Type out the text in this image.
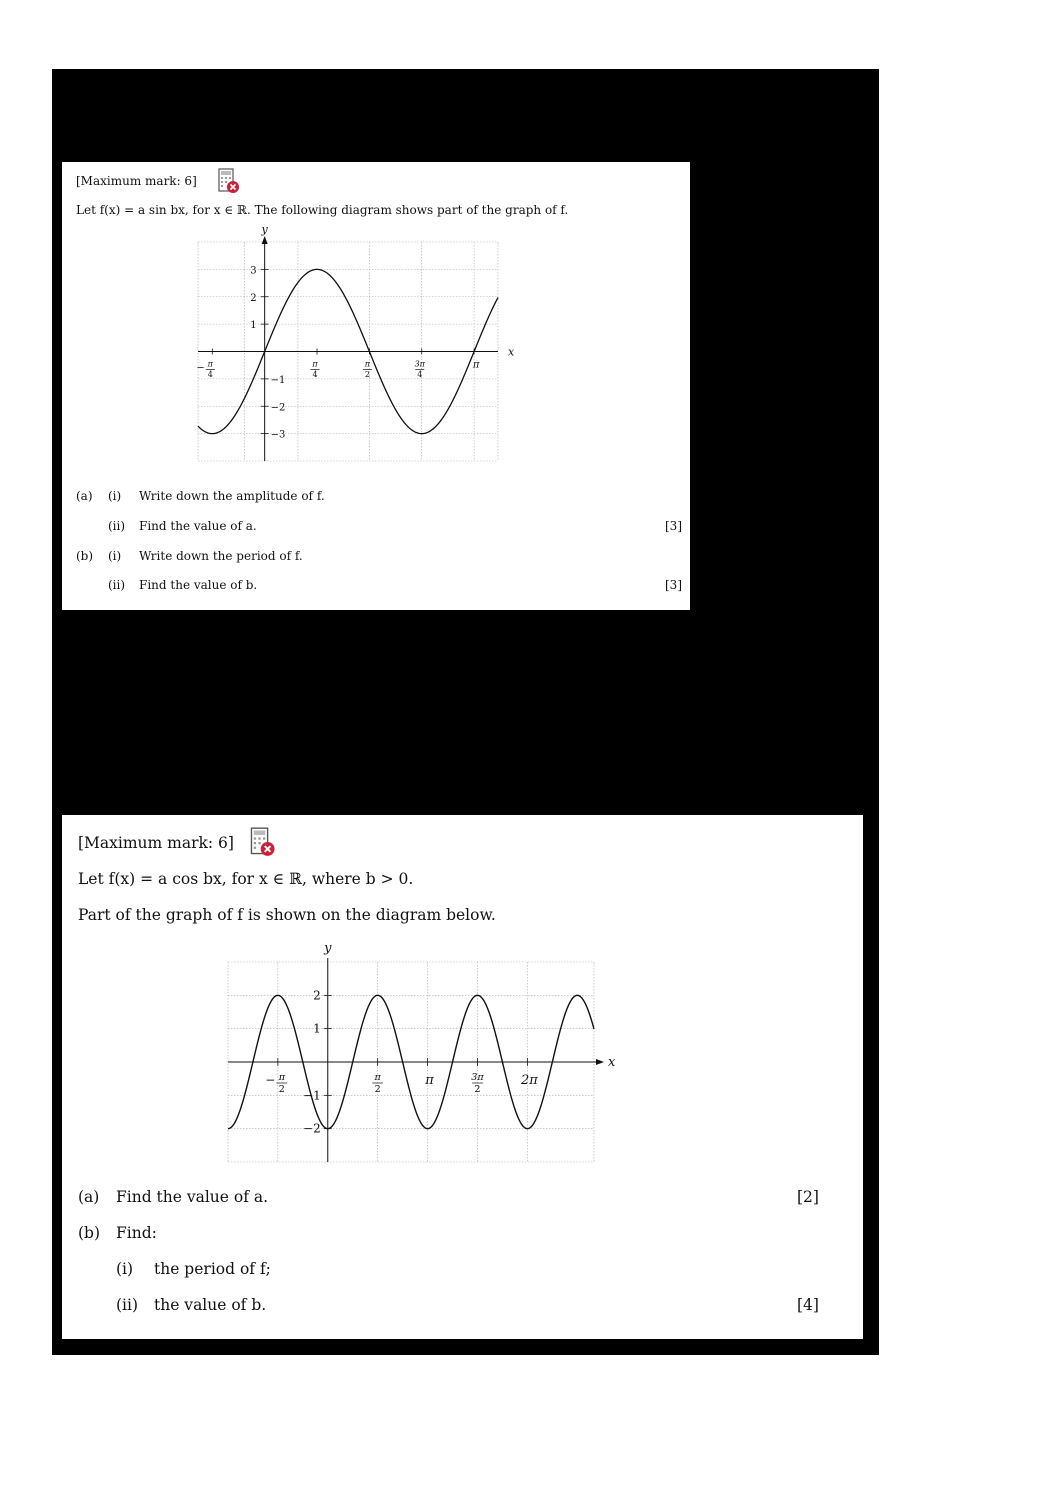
[Maximum mark: 6]
Let f(x) = a sin bx, for x ∈ ℝ. The following diagram shows part of the graph of f.
y
x
3
2
1
−1
−2
−3
− π
4
π
4
π
2
3π
4
π
(a) (i) Write down the amplitude of f.
(ii) Find the value of a.	[3]
(b) (i) Write down the period of f.
(ii) Find the value of b.	[3]
[Maximum mark: 6]
Let f(x) = a cos bx, for x ∈ ℝ, where b > 0.
Part of the graph of f is shown on the diagram below.
y
x
2
1
−1
−2
− π
2
π
2
π	3π
2
2π
(a) Find the value of a.	[2]
(b) Find:
(i) the period of f;
(ii) the value of b.	[4]
